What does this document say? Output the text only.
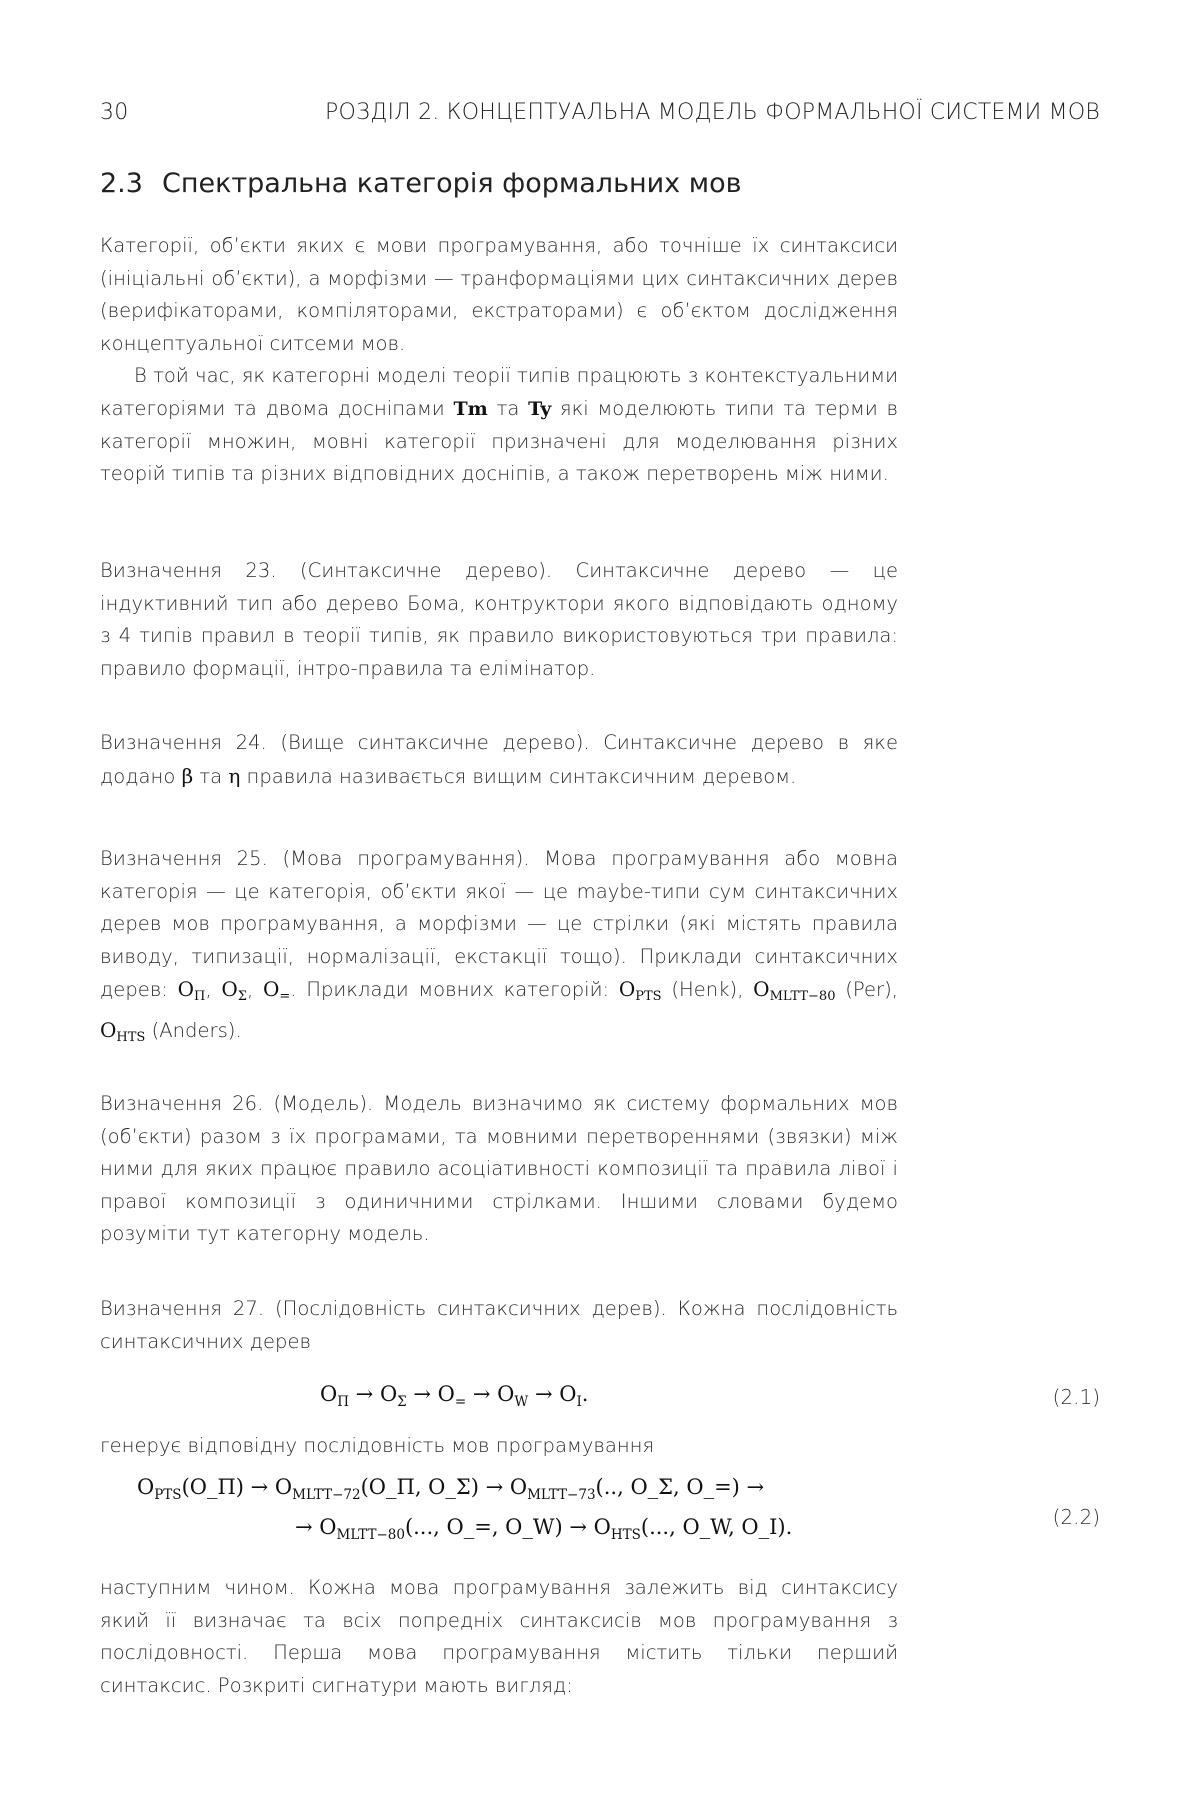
30	РОЗДІЛ 2. КОНЦЕПТУАЛЬНА МОДЕЛЬ ФОРМАЛЬНОЇ СИСТЕМИ МОВ
2.3 Спектральна категорія формальних мов

Категорії, об’єкти яких є мови програмування, або точніше їх синтаксиси (ініціальні об’єкти), а морфізми — транформаціями цих синтаксичних дерев (верифікаторами, компіляторами, екстраторами) є об’єктом дослідження концептуальної ситсеми мов.

В той час, як категорні моделі теорії типів працюють з контекстуальними категоріями та двома досніпами Tm та Ty які моделюють типи та терми в категорії множин, мовні категорії призначені для моделювання різних теорій типів та різних відповідних досніпів, а також перетворень між ними.

Визначення 23. (Синтаксичне дерево). Синтаксичне дерево — це індуктивний тип або дерево Бома, контруктори якого відповідають одному з 4 типів правил в теорії типів, як правило використовуються три правила: правило формації, інтро-правила та елімінатор.

Визначення 24. (Вище синтаксичне дерево). Синтаксичне дерево в яке додано β та η правила називається вищим синтаксичним деревом.

Визначення 25. (Мова програмування). Мова програмування або мовна категорія — це категорія, об’єкти якої — це maybe-типи сум синтаксичних дерев мов програмування, а морфізми — це стрілки (які містять правила виводу, типизації, нормалізації, екстакції тощо). Приклади синтаксичних дерев: $O_\Pi$, $O_\Sigma$, $O_=$. Приклади мовних категорій: $O_{PTS}$ (Henk), $O_{MLTT-80}$ (Per), $O_{HTS}$ (Anders).

Визначення 26. (Модель). Модель визначимо як систему формальних мов (об’єкти) разом з їх програмами, та мовними перетвореннями (звязки) між ними для яких працює правило асоціативності композиції та правила лівої і правої композиції з одиничними стрілками. Іншими словами будемо розуміти тут категорну модель.

Визначення 27. (Послідовність синтаксичних дерев). Кожна послідовність синтаксичних дерев

$O_\Pi \to O_\Sigma \to O_= \to O_W \to O_I$.	(2.1)

генерує відповідну послідовність мов програмування

$O_{PTS}(O\_\Pi)$ → $O_{MLTT-72}(O\_\Pi$, O_Σ) → $O_{MLTT-73}$(.., O_Σ, O_=) →
→ $O_{MLTT-80}$(..., O_=, O_W) → $O_{HTS}$(..., O_W, O_I).	(2.2)

наступним чином. Кожна мова програмування залежить від синтаксису який її визначає та всіх попредніх синтаксисів мов програмування з послідовності. Перша мова програмування містить тільки перший синтаксис. Розкриті сигнатури мають вигляд:
